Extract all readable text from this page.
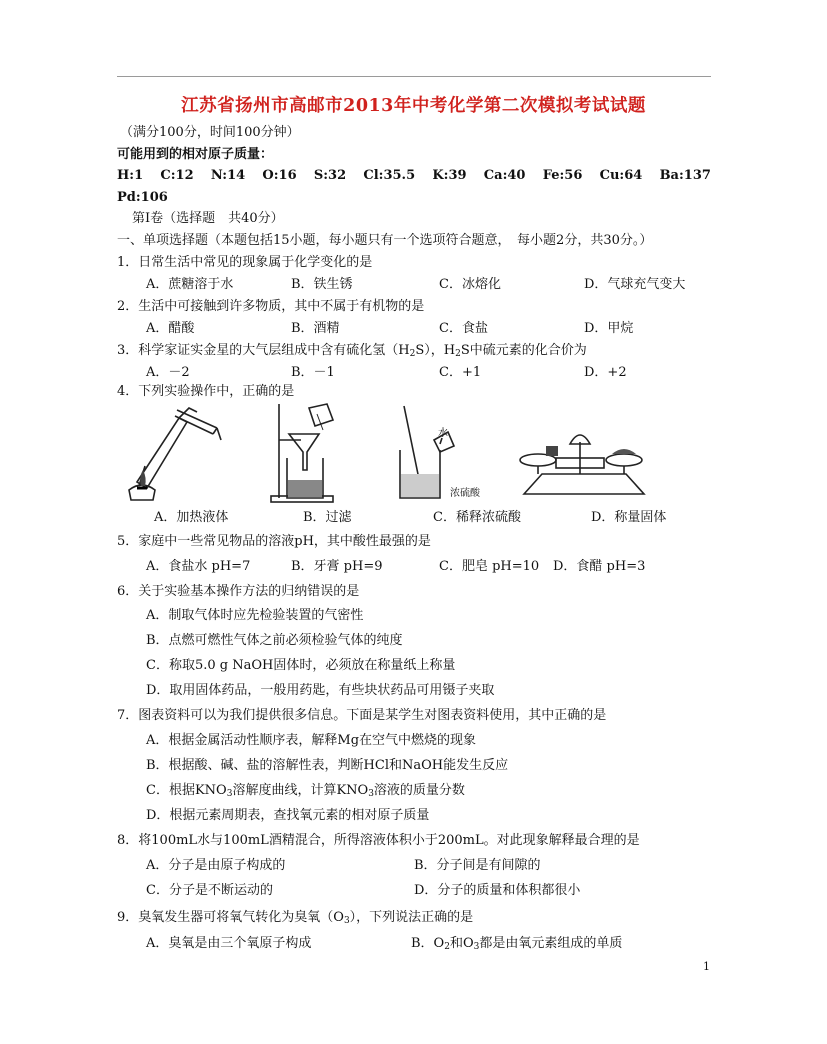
江苏省扬州市高邮市2013年中考化学第二次模拟考试试题
（满分100分，时间100分钟）
可能用到的相对原子质量：
H:1 C:12 N:14 O:16 S:32 Cl:35.5 K:39 Ca:40 Fe:56 Cu:64 Ba:137
Pd:106
第Ⅰ卷（选择题　共40分）
一、单项选择题（本题包括15小题，每小题只有一个选项符合题意，　每小题2分，共30分。）
1．日常生活中常见的现象属于化学变化的是
A．蔗糖溶于水	B．铁生锈	C．冰熔化	D．气球充气变大
2．生活中可接触到许多物质，其中不属于有机物的是
A．醋酸	B．酒精	C．食盐	D．甲烷
3．科学家证实金星的大气层组成中含有硫化氢$(H_2S)$，$H_2S$中硫元素的化合价为
A．－2	B．－1	C．+1	D．+2
4．下列实验操作中，正确的是
水
浓硫酸
A．加热液体	B．过滤	C．稀释浓硫酸	D．称量固体
5．家庭中一些常见物品的溶液pH，其中酸性最强的是
A．食盐水 pH=7	B．牙膏 pH=9	C．肥皂 pH=10 D．食醋 pH=3
6．关于实验基本操作方法的归纳错误的是
A．制取气体时应先检验装置的气密性
B．点燃可燃性气体之前必须检验气体的纯度
C．称取5.0 g NaOH固体时，必须放在称量纸上称量
D．取用固体药品，一般用药匙，有些块状药品可用镊子夹取
7．图表资料可以为我们提供很多信息。下面是某学生对图表资料使用，其中正确的是
A．根据金属活动性顺序表，解释Mg在空气中燃烧的现象
B．根据酸、碱、盐的溶解性表，判断HCl和NaOH能发生反应
C．根据$KNO_3$溶解度曲线，计算$KNO_3$溶液的质量分数
D．根据元素周期表，查找氧元素的相对原子质量
8．将100mL水与100mL酒精混合，所得溶液体积小于200mL。对此现象解释最合理的是
A．分子是由原子构成的	B．分子间是有间隙的
C．分子是不断运动的	D．分子的质量和体积都很小
9．臭氧发生器可将氧气转化为臭氧$(O_3)$，下列说法正确的是
A．臭氧是由三个氧原子构成	B．$O_2$和$O_3$都是由氧元素组成的单质
1
